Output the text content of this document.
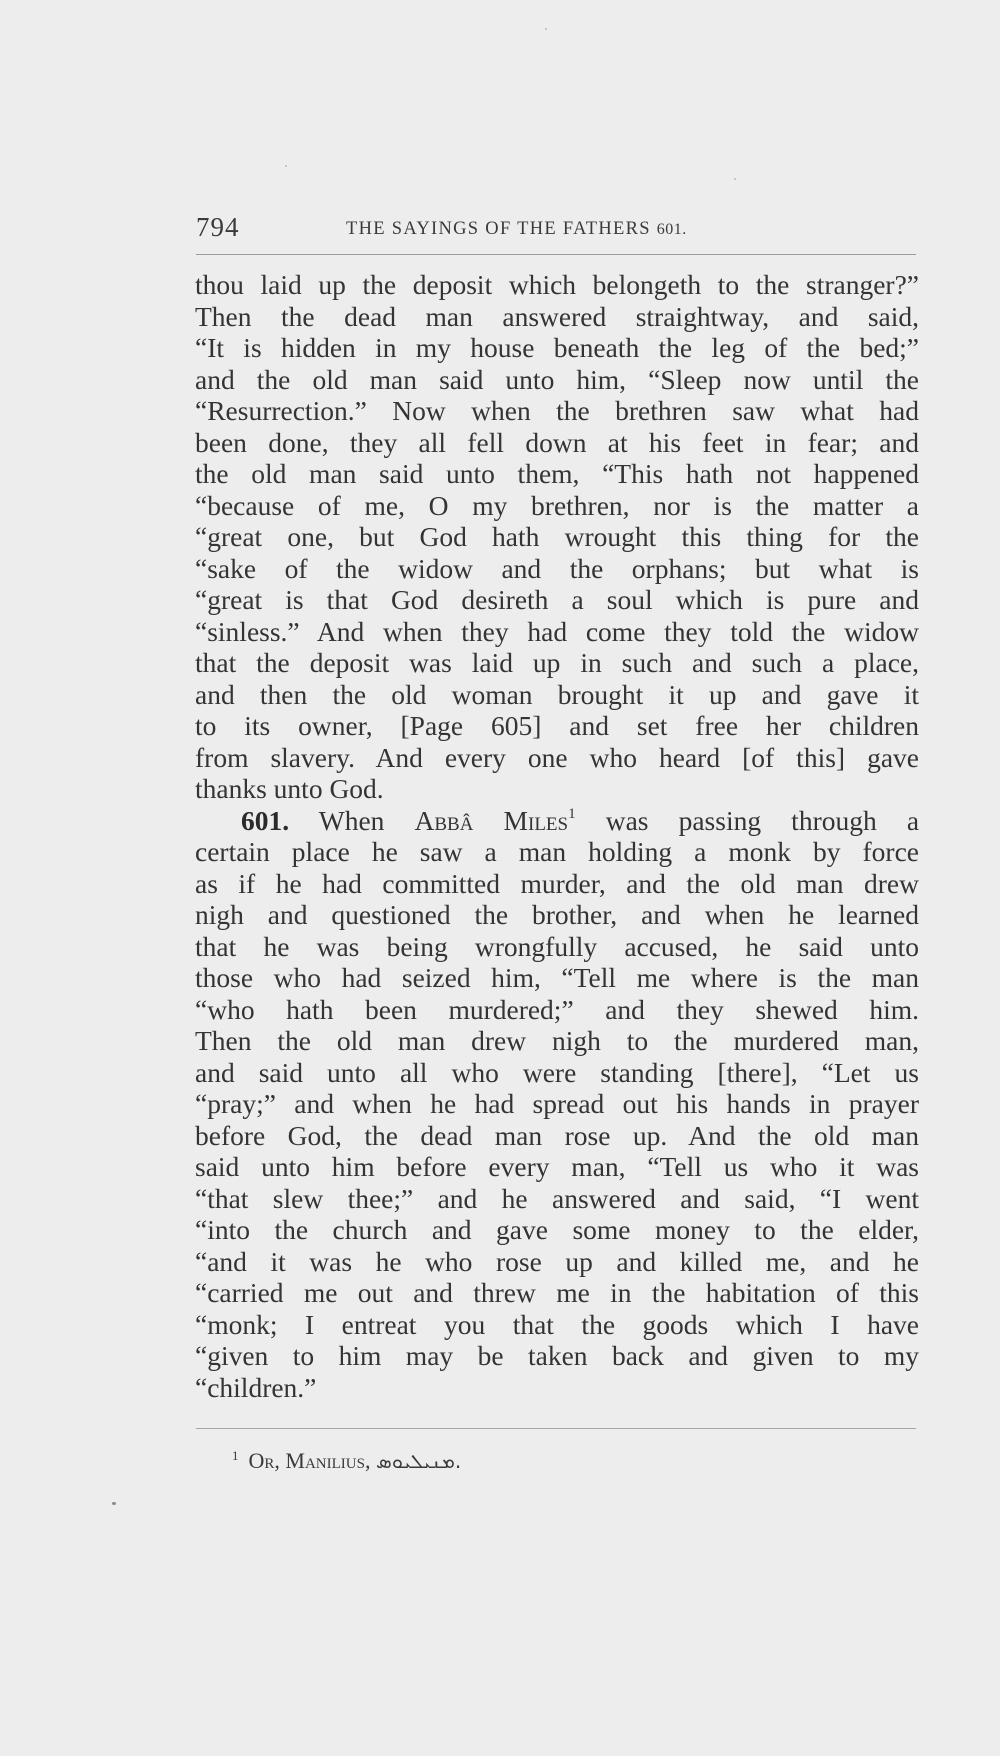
794	THE SAYINGS OF THE FATHERS 601.
thou laid up the deposit which belongeth to the stranger?”
Then the dead man answered straightway, and said,
“It is hidden in my house beneath the leg of the bed;”
and the old man said unto him, “Sleep now until the
“Resurrection.” Now when the brethren saw what had
been done, they all fell down at his feet in fear; and
the old man said unto them, “This hath not happened
“because of me, O my brethren, nor is the matter a
“great one, but God hath wrought this thing for the
“sake of the widow and the orphans; but what is
“great is that God desireth a soul which is pure and
“sinless.” And when they had come they told the widow
that the deposit was laid up in such and such a place,
and then the old woman brought it up and gave it
to its owner, [Page 605] and set free her children
from slavery. And every one who heard [of this] gave
thanks unto God.
601. When Abbâ Miles$^1$ was passing through a
certain place he saw a man holding a monk by force
as if he had committed murder, and the old man drew
nigh and questioned the brother, and when he learned
that he was being wrongfully accused, he said unto
those who had seized him, “Tell me where is the man
“who hath been murdered;” and they shewed him.
Then the old man drew nigh to the murdered man,
and said unto all who were standing [there], “Let us
“pray;” and when he had spread out his hands in prayer
before God, the dead man rose up. And the old man
said unto him before every man, “Tell us who it was
“that slew thee;” and he answered and said, “I went
“into the church and gave some money to the elder,
“and it was he who rose up and killed me, and he
“carried me out and threw me in the habitation of this
“monk; I entreat you that the goods which I have
“given to him may be taken back and given to my
“children.”
$^1$ Or, Manilius, ܡܢܝܠܝܘܣ.
